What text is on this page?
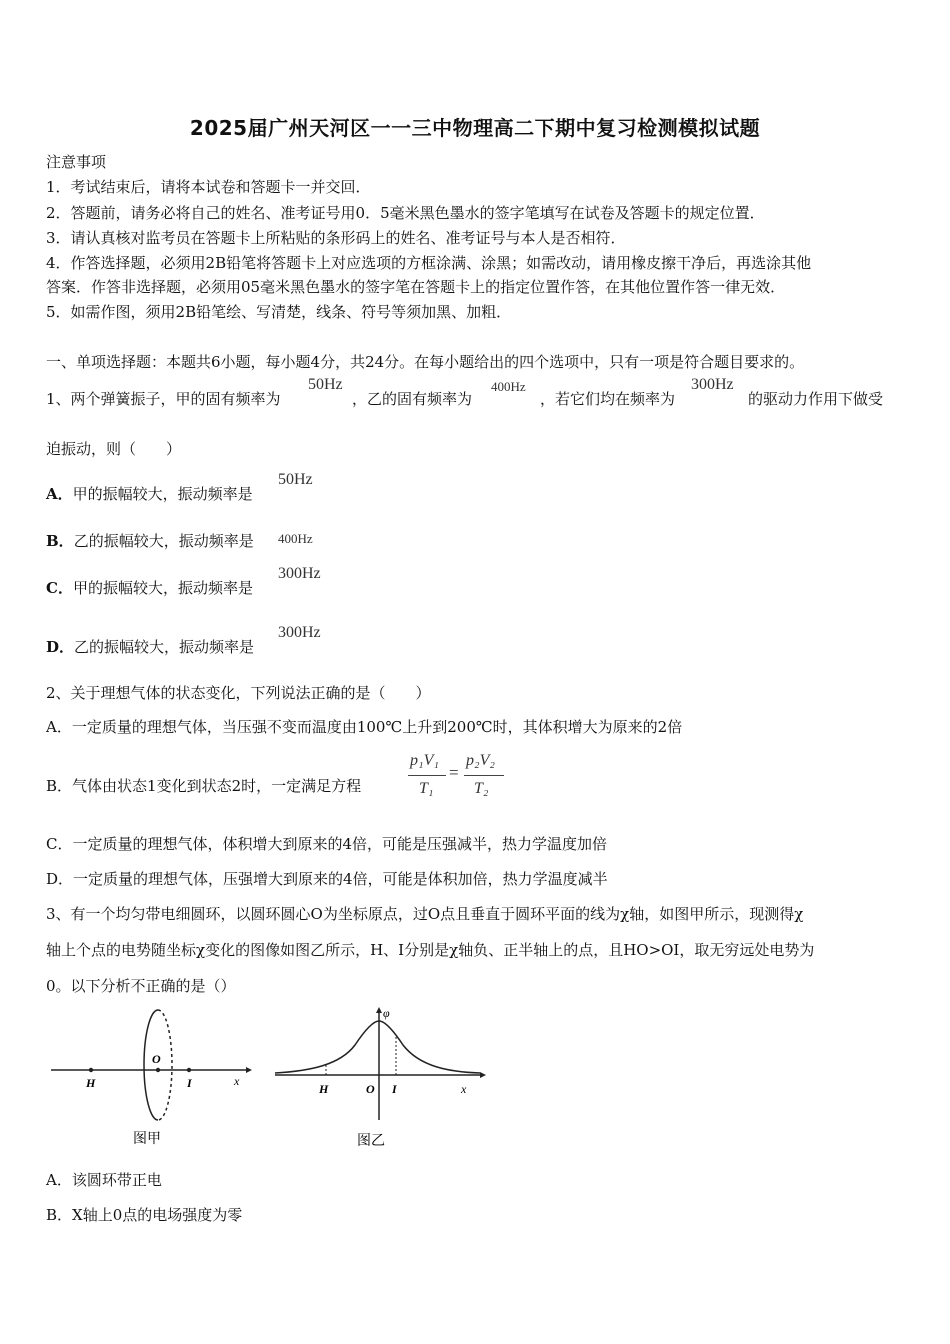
2025届广州天河区一一三中物理高二下期中复习检测模拟试题
注意事项
1．考试结束后，请将本试卷和答题卡一并交回．
2．答题前，请务必将自己的姓名、准考证号用0．5毫米黑色墨水的签字笔填写在试卷及答题卡的规定位置．
3．请认真核对监考员在答题卡上所粘贴的条形码上的姓名、准考证号与本人是否相符．
4．作答选择题，必须用2B铅笔将答题卡上对应选项的方框涂满、涂黑；如需改动，请用橡皮擦干净后，再选涂其他
答案．作答非选择题，必须用05毫米黑色墨水的签字笔在答题卡上的指定位置作答，在其他位置作答一律无效．
5．如需作图，须用2B铅笔绘、写清楚，线条、符号等须加黑、加粗．
一、单项选择题：本题共6小题，每小题4分，共24分。在每小题给出的四个选项中，只有一项是符合题目要求的。
1、两个弹簧振子，甲的固有频率为
50Hz
，乙的固有频率为
400Hz
，若它们均在频率为
300Hz
的驱动力作用下做受
迫振动，则（　　）
A．甲的振幅较大，振动频率是
50Hz
B．乙的振幅较大，振动频率是 400Hz
C．甲的振幅较大，振动频率是
300Hz
D．乙的振幅较大，振动频率是
300Hz
2、关于理想气体的状态变化，下列说法正确的是（　　）
A．一定质量的理想气体，当压强不变而温度由100℃上升到200℃时，其体积增大为原来的2倍
B．气体由状态1变化到状态2时，一定满足方程
p₁V₁
T₁
=
p₂V₂
T₂
C．一定质量的理想气体，体积增大到原来的4倍，可能是压强减半，热力学温度加倍
D．一定质量的理想气体，压强增大到原来的4倍，可能是体积加倍，热力学温度减半
3、有一个均匀带电细圆环，以圆环圆心O为坐标原点，过O点且垂直于圆环平面的线为χ轴，如图甲所示，现测得χ
轴上个点的电势随坐标χ变化的图像如图乙所示，H、I分别是χ轴负、正半轴上的点，且HO>OI，取无穷远处电势为
0。以下分析不正确的是（）
H
O
I	x
图甲
φ
H	O I	x
图乙
A．该圆环带正电
B．X轴上0点的电场强度为零
